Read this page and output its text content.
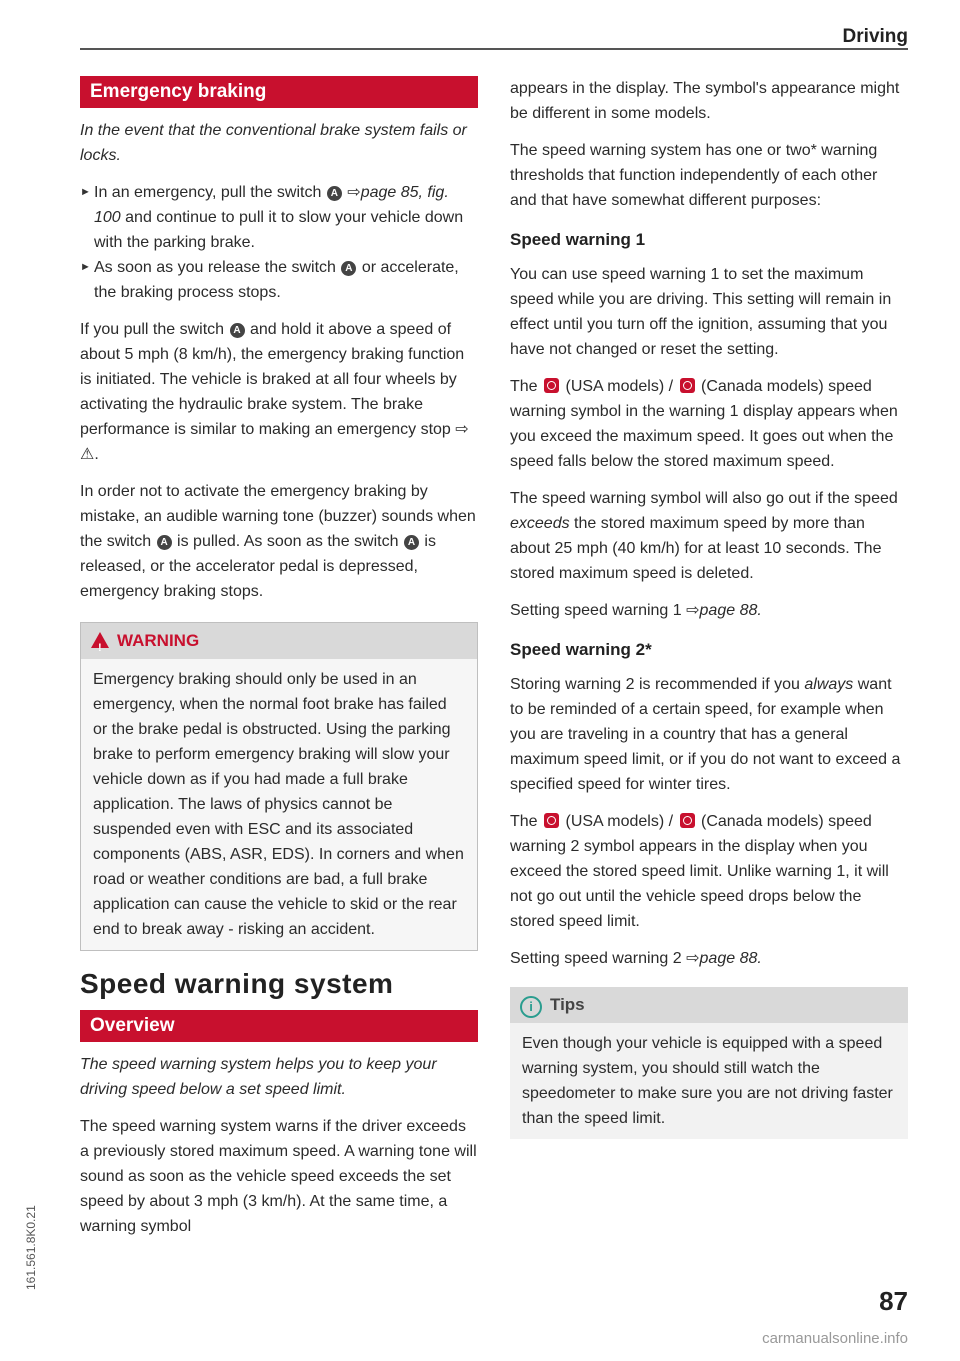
Driving
Emergency braking

In the event that the conventional brake system fails or locks.

► In an emergency, pull the switch A ⇨page 85, fig. 100 and continue to pull it to slow your vehicle down with the parking brake.
► As soon as you release the switch A or accelerate, the braking process stops.

If you pull the switch A and hold it above a speed of about 5 mph (8 km/h), the emergency braking function is initiated. The vehicle is braked at all four wheels by activating the hydraulic brake system. The brake performance is similar to making an emergency stop ⇨ ⚠.

In order not to activate the emergency braking by mistake, an audible warning tone (buzzer) sounds when the switch A is pulled. As soon as the switch A is released, or the accelerator pedal is depressed, emergency braking stops.

!WARNING
Emergency braking should only be used in an emergency, when the normal foot brake has failed or the brake pedal is obstructed. Using the parking brake to perform emergency braking will slow your vehicle down as if you had made a full brake application. The laws of physics cannot be suspended even with ESC and its associated components (ABS, ASR, EDS). In corners and when road or weather conditions are bad, a full brake application can cause the vehicle to skid or the rear end to break away - risking an accident.
Speed warning system
Overview

The speed warning system helps you to keep your driving speed below a set speed limit.

The speed warning system warns if the driver exceeds a previously stored maximum speed. A warning tone will sound as soon as the vehicle speed exceeds the set speed by about 3 mph (3 km/h). At the same time, a warning symbol

appears in the display. The symbol's appearance might be different in some models.

The speed warning system has one or two* warning thresholds that function independently of each other and that have somewhat different purposes:

Speed warning 1

You can use speed warning 1 to set the maximum speed while you are driving. This setting will remain in effect until you turn off the ignition, assuming that you have not changed or reset the setting.

The (USA models) / (Canada models) speed warning symbol in the warning 1 display appears when you exceed the maximum speed. It goes out when the speed falls below the stored maximum speed.

The speed warning symbol will also go out if the speed exceeds the stored maximum speed by more than about 25 mph (40 km/h) for at least 10 seconds. The stored maximum speed is deleted.

Setting speed warning 1 ⇨page 88.

Speed warning 2*

Storing warning 2 is recommended if you always want to be reminded of a certain speed, for example when you are traveling in a country that has a general maximum speed limit, or if you do not want to exceed a specified speed for winter tires.

The (USA models) / (Canada models) speed warning 2 symbol appears in the display when you exceed the stored speed limit. Unlike warning 1, it will not go out until the vehicle speed drops below the stored speed limit.

Setting speed warning 2 ⇨page 88.

i Tips
Even though your vehicle is equipped with a speed warning system, you should still watch the speedometer to make sure you are not driving faster than the speed limit.
161.561.8K0.21
87
carmanualsonline.info
